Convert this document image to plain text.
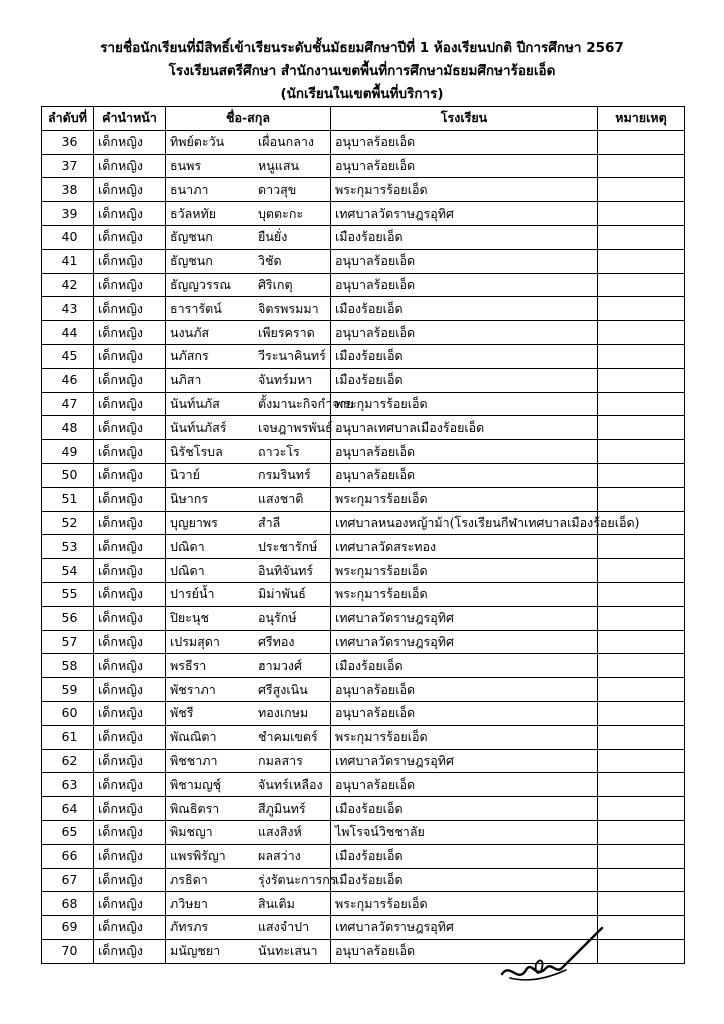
รายชื่อนักเรียนที่มีสิทธิ์เข้าเรียนระดับชั้นมัธยมศึกษาปีที่ 1 ห้องเรียนปกติ ปีการศึกษา 2567
โรงเรียนสตรีศึกษา สำนักงานเขตพื้นที่การศึกษามัธยมศึกษาร้อยเอ็ด
(นักเรียนในเขตพื้นที่บริการ)
ลำดับที่	คำนำหน้า	ชื่อ-สกุล	โรงเรียน	หมายเหตุ
36	เด็กหญิง	ทิพย์ตะวัน เผื่อนกลาง	อนุบาลร้อยเอ็ด	
37	เด็กหญิง	ธนพร หนูแสน	อนุบาลร้อยเอ็ด	
38	เด็กหญิง	ธนาภา ดาวสุข	พระกุมารร้อยเอ็ด	
39	เด็กหญิง	ธวัลหทัย บุตตะกะ	เทศบาลวัดราษฎรอุทิศ	
40	เด็กหญิง	ธัญชนก ยืนยั่ง	เมืองร้อยเอ็ด	
41	เด็กหญิง	ธัญชนก วิชัด	อนุบาลร้อยเอ็ด	
42	เด็กหญิง	ธัญญวรรณ ศิริเกตุ	อนุบาลร้อยเอ็ด	
43	เด็กหญิง	ธารารัตน์ จิตรพรมมา	เมืองร้อยเอ็ด	
44	เด็กหญิง	นงนภัส เพียรคราด	อนุบาลร้อยเอ็ด	
45	เด็กหญิง	นภัสกร วีระนาคินทร์	เมืองร้อยเอ็ด	
46	เด็กหญิง	นภิสา จันทร์มหา	เมืองร้อยเอ็ด	
47	เด็กหญิง	นันท์นภัส ตั้งมานะกิจกำจาย	พระกุมารร้อยเอ็ด	
48	เด็กหญิง	นันท์นภัสร์ เจษฎาพรพันธ์	อนุบาลเทศบาลเมืองร้อยเอ็ด	
49	เด็กหญิง	นิรัชโรบล ถาวะโร	อนุบาลร้อยเอ็ด	
50	เด็กหญิง	นิวาย์ กรมรินทร์	อนุบาลร้อยเอ็ด	
51	เด็กหญิง	นิษากร แสงชาติ	พระกุมารร้อยเอ็ด	
52	เด็กหญิง	บุญยาพร สำลี	เทศบาลหนองหญ้าม้า(โรงเรียนกีฬาเทศบาลเมืองร้อยเอ็ด)	
53	เด็กหญิง	ปณิดา ประชารักษ์	เทศบาลวัดสระทอง	
54	เด็กหญิง	ปณิดา อินทิจันทร์	พระกุมารร้อยเอ็ด	
55	เด็กหญิง	ปารย์น้ำ มิม่าพันธ์	พระกุมารร้อยเอ็ด	
56	เด็กหญิง	ปิยะนุช อนุรักษ์	เทศบาลวัดราษฎรอุทิศ	
57	เด็กหญิง	เปรมสุดา ศรีทอง	เทศบาลวัดราษฎรอุทิศ	
58	เด็กหญิง	พรธีรา ฮามวงศ์	เมืองร้อยเอ็ด	
59	เด็กหญิง	พัชราภา ศรีสูงเนิน	อนุบาลร้อยเอ็ด	
60	เด็กหญิง	พัชรี ทองเกษม	อนุบาลร้อยเอ็ด	
61	เด็กหญิง	พัณณิตา ชำคมเขตร์	พระกุมารร้อยเอ็ด	
62	เด็กหญิง	พิชชาภา กมลสาร	เทศบาลวัดราษฎรอุทิศ	
63	เด็กหญิง	พิชามญชุ์ จันทร์เหลือง	อนุบาลร้อยเอ็ด	
64	เด็กหญิง	พิณธิตรา สีภูมินทร์	เมืองร้อยเอ็ด	
65	เด็กหญิง	พิมชญา แสงสิงห์	ไพโรจน์วิชชาลัย	
66	เด็กหญิง	แพรพิรัญา ผลสว่าง	เมืองร้อยเอ็ด	
67	เด็กหญิง	ภรธิดา รุ่งรัตนะการกร	เมืองร้อยเอ็ด	
68	เด็กหญิง	ภวิษยา สินเติม	พระกุมารร้อยเอ็ด	
69	เด็กหญิง	ภัทรภร แสงจำปา	เทศบาลวัดราษฎรอุทิศ	
70	เด็กหญิง	มนัญชยา นันทะเสนา	อนุบาลร้อยเอ็ด	
